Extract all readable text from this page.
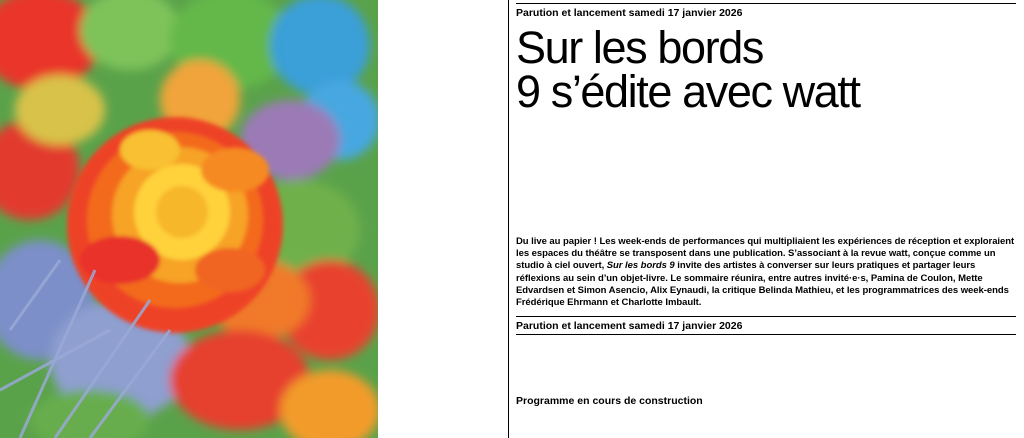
Parution et lancement samedi 17 janvier 2026
Sur les bords
9 s’édite avec watt

Du live au papier ! Les week-ends de performances qui multipliaient les expériences de réception et exploraient les espaces du théâtre se transposent dans une publication. S’associant à la revue watt, conçue comme un studio à ciel ouvert, Sur les bords 9 invite des artistes à converser sur leurs pratiques et partager leurs réflexions au sein d’un objet-livre. Le sommaire réunira, entre autres invité·e·s, Pamina de Coulon, Mette Edvardsen et Simon Asencio, Alix Eynaudi, la critique Belinda Mathieu, et les programmatrices des week-ends Frédérique Ehrmann et Charlotte Imbault.

Parution et lancement samedi 17 janvier 2026
Programme en cours de construction
